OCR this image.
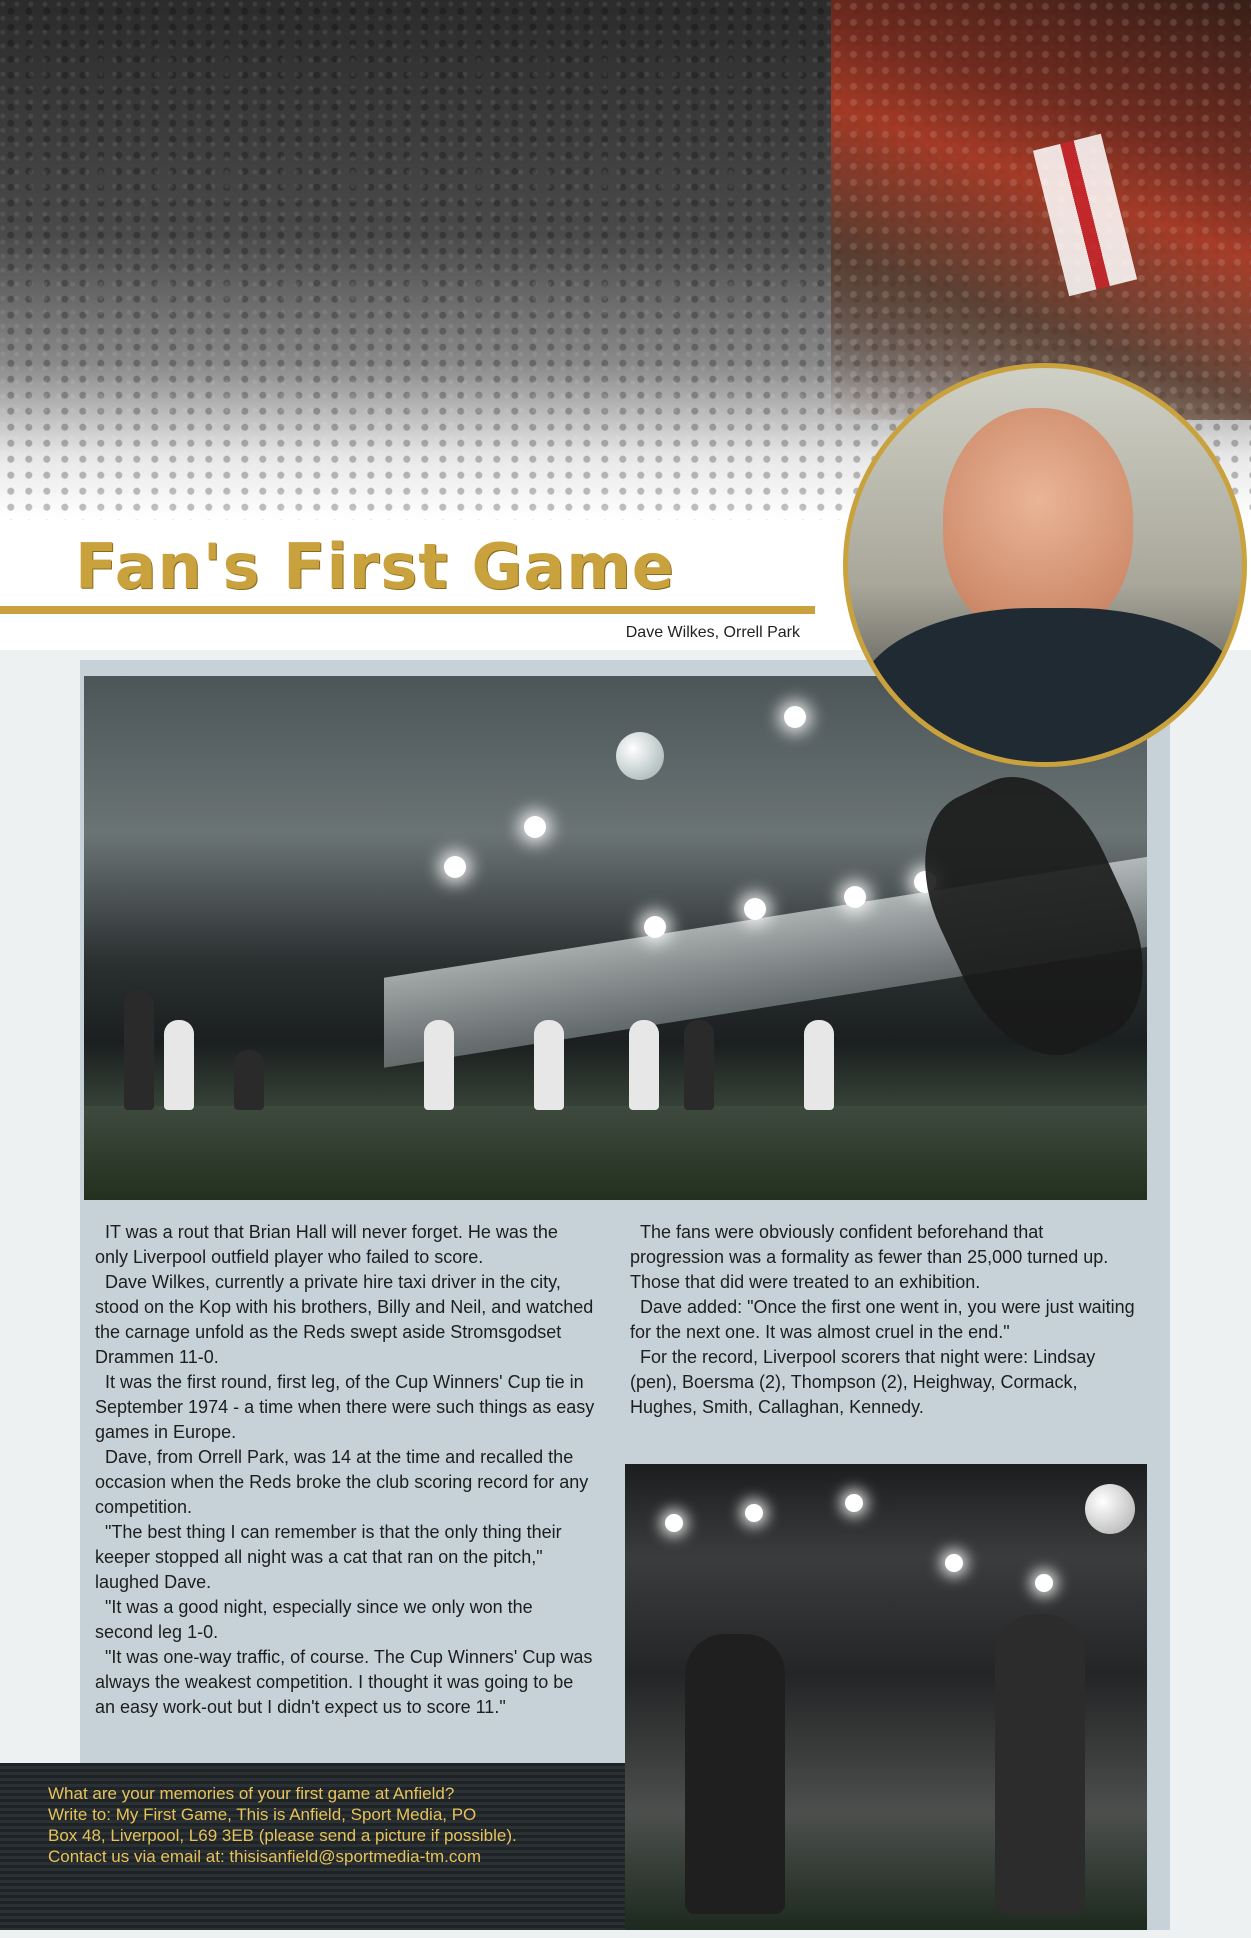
Fan's First Game
Dave Wilkes, Orrell Park

IT was a rout that Brian Hall will never forget. He was the only Liverpool outfield player who failed to score.

Dave Wilkes, currently a private hire taxi driver in the city, stood on the Kop with his brothers, Billy and Neil, and watched the carnage unfold as the Reds swept aside Stromsgodset Drammen 11-0.

It was the first round, first leg, of the Cup Winners' Cup tie in September 1974 - a time when there were such things as easy games in Europe.

Dave, from Orrell Park, was 14 at the time and recalled the occasion when the Reds broke the club scoring record for any competition.

"The best thing I can remember is that the only thing their keeper stopped all night was a cat that ran on the pitch," laughed Dave.

"It was a good night, especially since we only won the second leg 1-0.

"It was one-way traffic, of course. The Cup Winners' Cup was always the weakest competition. I thought it was going to be an easy work-out but I didn't expect us to score 11."

The fans were obviously confident beforehand that progression was a formality as fewer than 25,000 turned up. Those that did were treated to an exhibition.

Dave added: "Once the first one went in, you were just waiting for the next one. It was almost cruel in the end."

For the record, Liverpool scorers that night were: Lindsay (pen), Boersma (2), Thompson (2), Heighway, Cormack, Hughes, Smith, Callaghan, Kennedy.

What are your memories of your first game at Anfield?

Write to: My First Game, This is Anfield, Sport Media, PO

Box 48, Liverpool, L69 3EB (please send a picture if possible).

Contact us via email at: thisisanfield@sportmedia-tm.com
